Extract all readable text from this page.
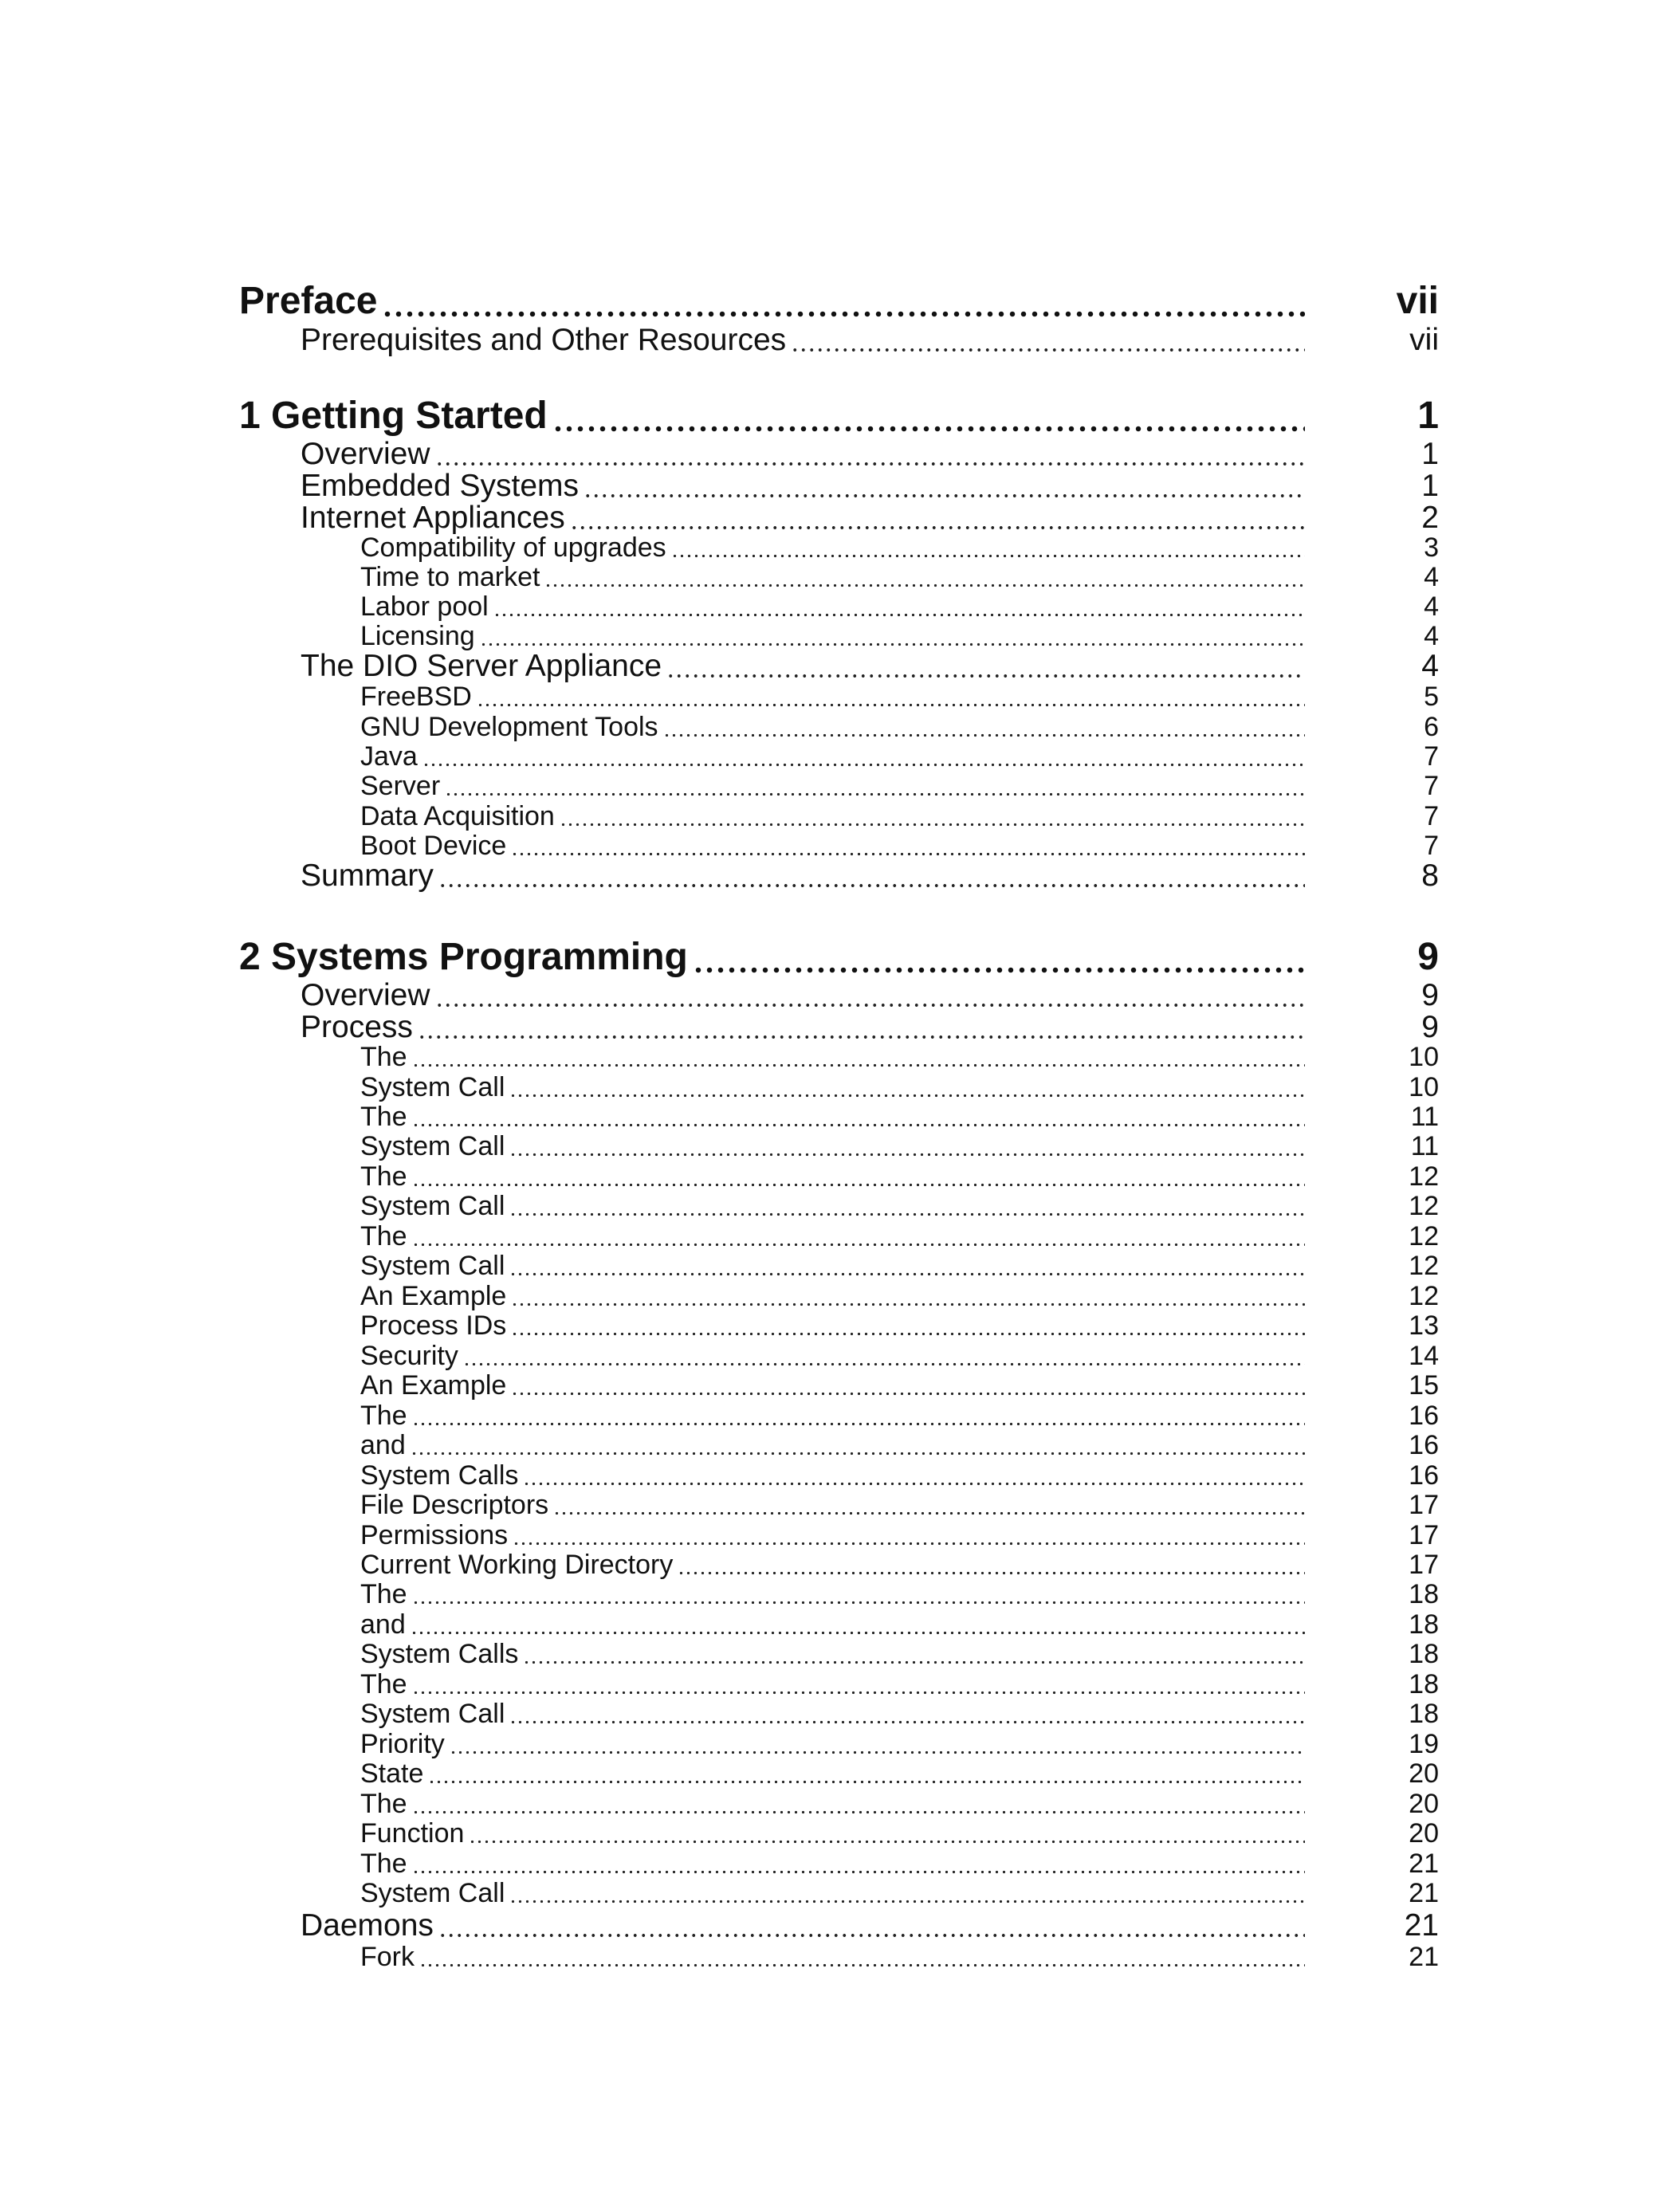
Preface	vii
Prerequisites and Other Resources	vii
1 Getting Started	1
Overview	1
Embedded Systems	1
Internet Appliances	2
Compatibility of upgrades	3
Time to market	4
Labor pool	4
Licensing	4
The DIO Server Appliance	4
FreeBSD	5
GNU Development Tools	6
Java	7
Server	7
Data Acquisition	7
Boot Device	7
Summary	8
2 Systems Programming	9
Overview	9
Process	9
The	10
System Call	10
The	11
System Call	11
The	12
System Call	12
The	12
System Call	12
An Example	12
Process IDs	13
Security	14
An Example	15
The	16
and	16
System Calls	16
File Descriptors	17
Permissions	17
Current Working Directory	17
The	18
and	18
System Calls	18
The	18
System Call	18
Priority	19
State	20
The	20
Function	20
The	21
System Call	21
Daemons	21
Fork	21
